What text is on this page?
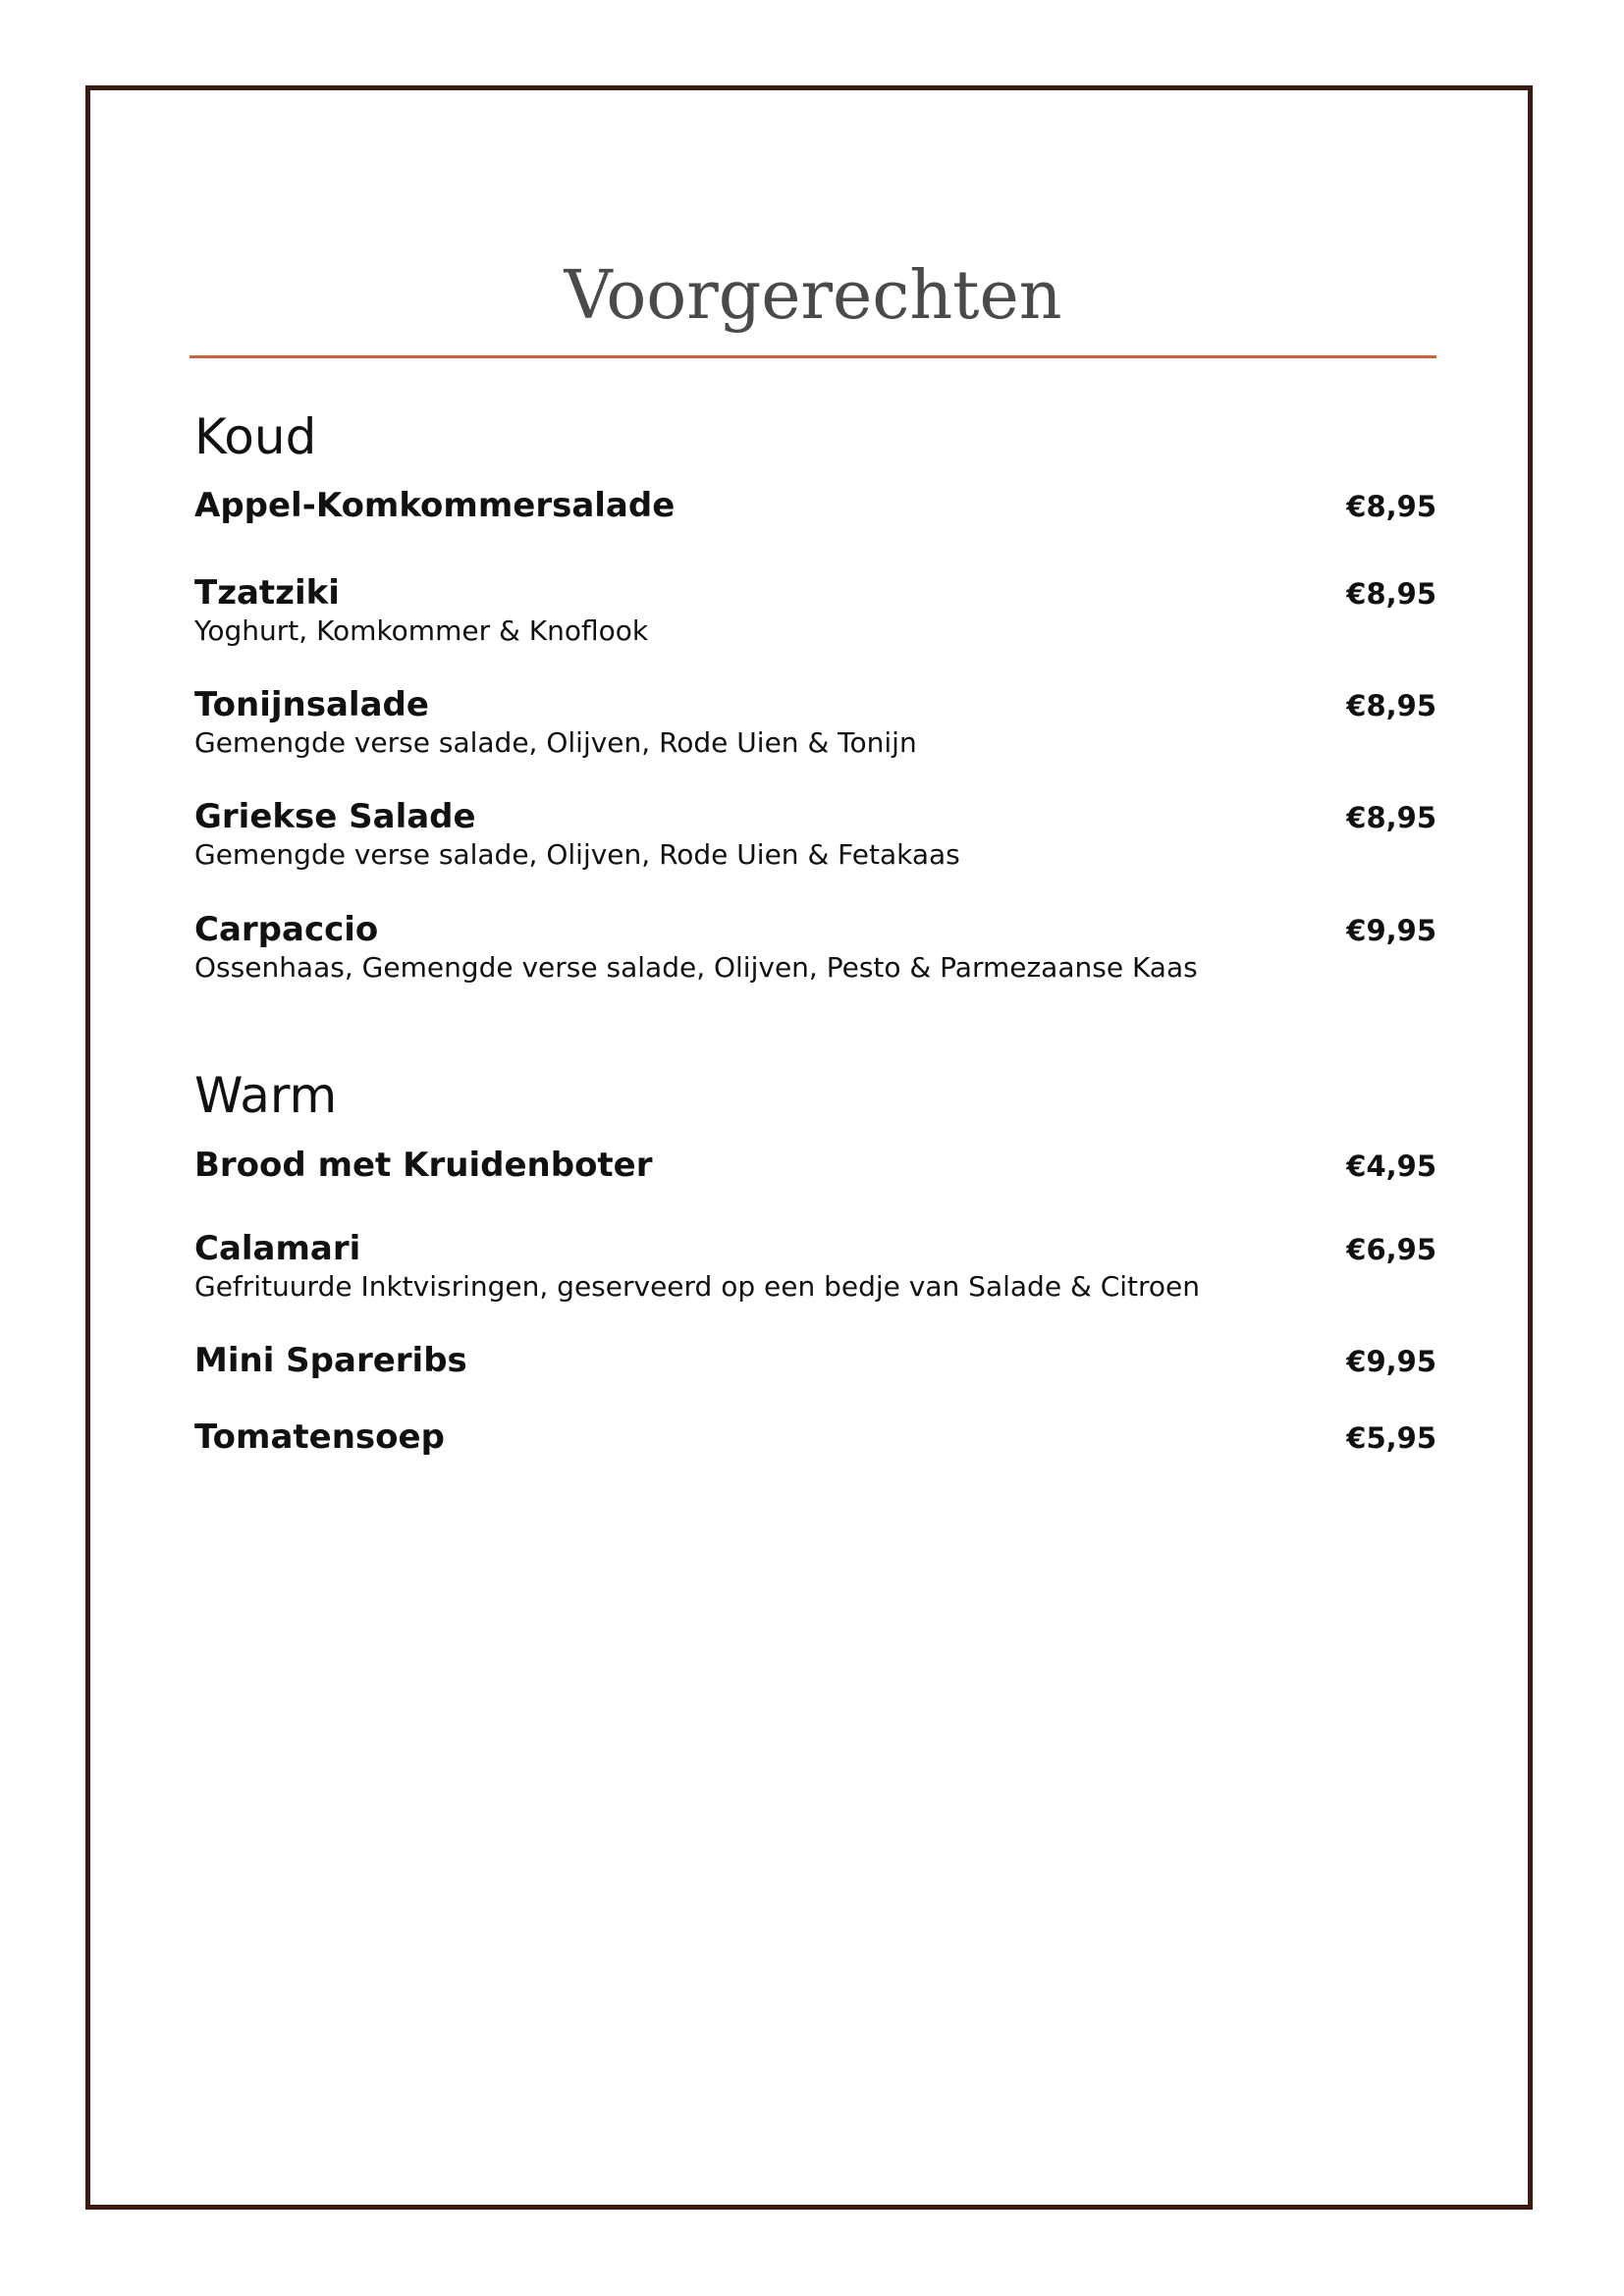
Voorgerechten
Koud
Appel-Komkommersalade	€8,95
Tzatziki	€8,95
Yoghurt, Komkommer & Knoflook
Tonijnsalade	€8,95
Gemengde verse salade, Olijven, Rode Uien & Tonijn
Griekse Salade	€8,95
Gemengde verse salade, Olijven, Rode Uien & Fetakaas
Carpaccio	€9,95
Ossenhaas, Gemengde verse salade, Olijven, Pesto & Parmezaanse Kaas
Warm
Brood met Kruidenboter	€4,95
Calamari	€6,95
Gefrituurde Inktvisringen, geserveerd op een bedje van Salade & Citroen
Mini Spareribs	€9,95
Tomatensoep	€5,95
